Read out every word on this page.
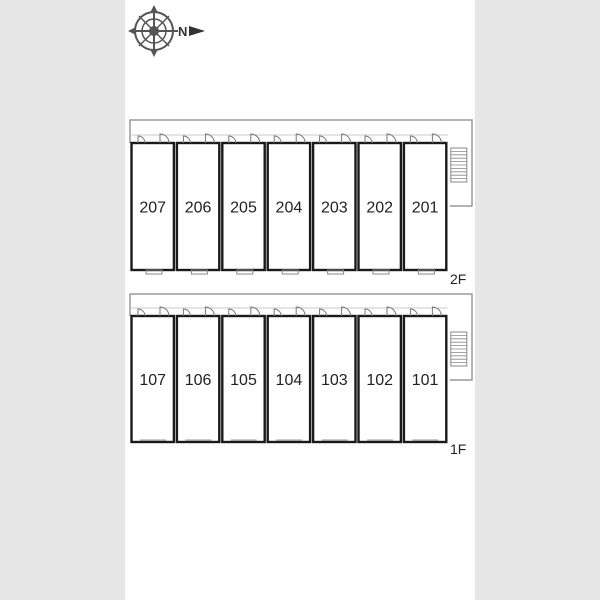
N
207 206 205 204 203 202 201
2F
107 106 105 104 103 102 101
1F
